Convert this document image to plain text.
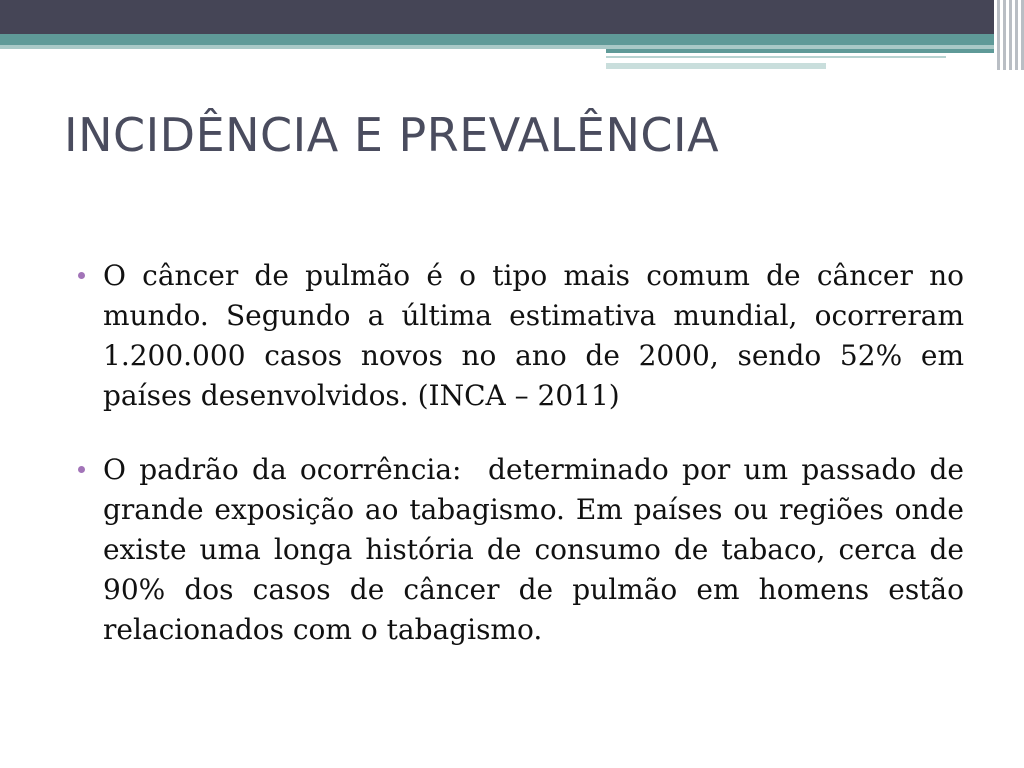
INCIDÊNCIA E PREVALÊNCIA
O câncer de pulmão é o tipo mais comum de câncer no mundo. Segundo a última estimativa mundial, ocorreram 1.200.000 casos novos no ano de 2000, sendo 52% em países desenvolvidos. (INCA – 2011)
O padrão da ocorrência:  determinado por um passado de grande exposição ao tabagismo. Em países ou regiões onde existe uma longa história de consumo de tabaco, cerca de 90% dos casos de câncer de pulmão em homens estão relacionados com o tabagismo.
